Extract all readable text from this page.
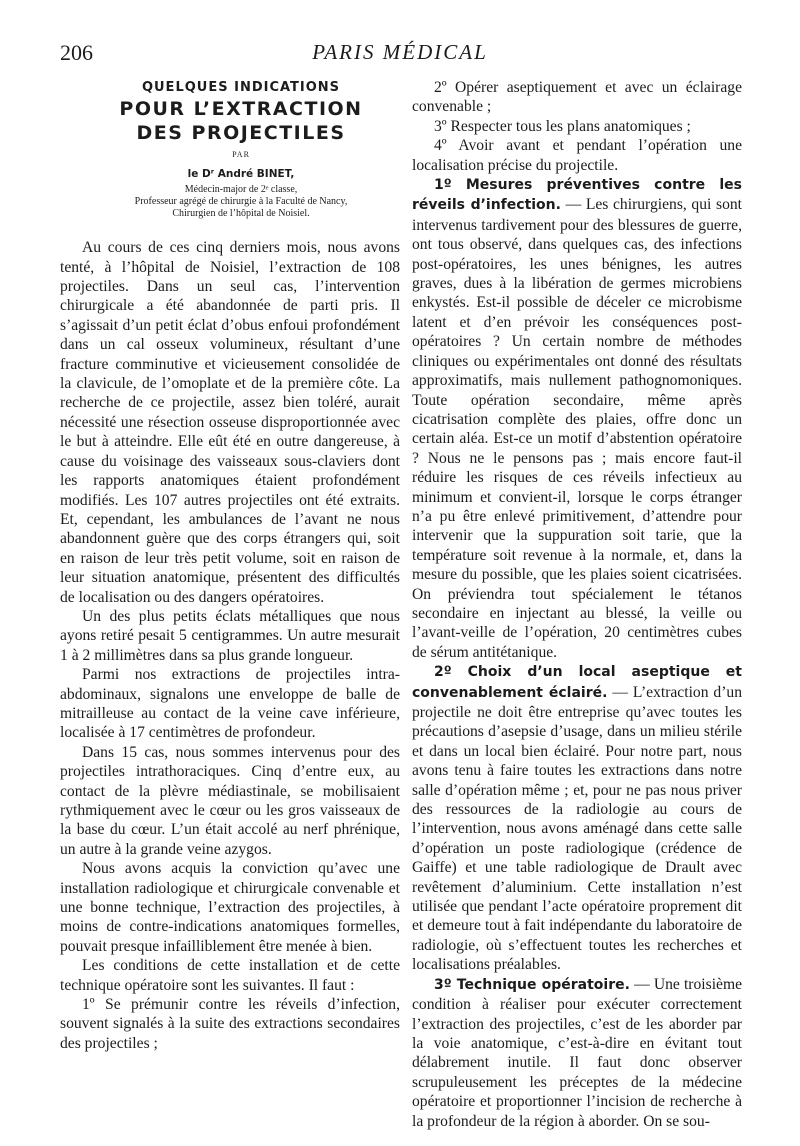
206	PARIS MÉDICAL

QUELQUES INDICATIONS

POUR L’EXTRACTION

DES PROJECTILES

PAR

le Dʳ André BINET,

Médecin-major de 2ᵉ classe,

Professeur agrégé de chirurgie à la Faculté de Nancy,

Chirurgien de l’hôpital de Noisiel.

Au cours de ces cinq derniers mois, nous avons tenté, à l’hôpital de Noisiel, l’extraction de 108 projectiles. Dans un seul cas, l’intervention chirurgicale a été abandonnée de parti pris. Il s’agissait d’un petit éclat d’obus enfoui profondément dans un cal osseux volumineux, résultant d’une fracture comminutive et vicieusement consolidée de la clavicule, de l’omoplate et de la première côte. La recherche de ce projectile, assez bien toléré, aurait nécessité une résection osseuse disproportionnée avec le but à atteindre. Elle eût été en outre dangereuse, à cause du voisinage des vaisseaux sous-claviers dont les rapports anatomiques étaient profondément modifiés. Les 107 autres projectiles ont été extraits. Et, cependant, les ambulances de l’avant ne nous abandonnent guère que des corps étrangers qui, soit en raison de leur très petit volume, soit en raison de leur situation anatomique, présentent des difficultés de localisation ou des dangers opératoires.

Un des plus petits éclats métalliques que nous ayons retiré pesait 5 centigrammes. Un autre mesurait 1 à 2 millimètres dans sa plus grande longueur.

Parmi nos extractions de projectiles intra-abdominaux, signalons une enveloppe de balle de mitrailleuse au contact de la veine cave inférieure, localisée à 17 centimètres de profondeur.

Dans 15 cas, nous sommes intervenus pour des projectiles intrathoraciques. Cinq d’entre eux, au contact de la plèvre médiastinale, se mobilisaient rythmiquement avec le cœur ou les gros vaisseaux de la base du cœur. L’un était accolé au nerf phrénique, un autre à la grande veine azygos.

Nous avons acquis la conviction qu’avec une installation radiologique et chirurgicale convenable et une bonne technique, l’extraction des projectiles, à moins de contre-indications anatomiques formelles, pouvait presque infailliblement être menée à bien.

Les conditions de cette installation et de cette technique opératoire sont les suivantes. Il faut :

1º Se prémunir contre les réveils d’infection, souvent signalés à la suite des extractions secondaires des projectiles ;

2º Opérer aseptiquement et avec un éclairage convenable ;

3º Respecter tous les plans anatomiques ;

4º Avoir avant et pendant l’opération une localisation précise du projectile.

1º Mesures préventives contre les réveils d’infection. — Les chirurgiens, qui sont intervenus tardivement pour des blessures de guerre, ont tous observé, dans quelques cas, des infections post-opératoires, les unes bénignes, les autres graves, dues à la libération de germes microbiens enkystés. Est-il possible de déceler ce microbisme latent et d’en prévoir les conséquences post-opératoires ? Un certain nombre de méthodes cliniques ou expérimentales ont donné des résultats approximatifs, mais nullement pathognomoniques. Toute opération secondaire, même après cicatrisation complète des plaies, offre donc un certain aléa. Est-ce un motif d’abstention opératoire ? Nous ne le pensons pas ; mais encore faut-il réduire les risques de ces réveils infectieux au minimum et convient-il, lorsque le corps étranger n’a pu être enlevé primitivement, d’attendre pour intervenir que la suppuration soit tarie, que la température soit revenue à la normale, et, dans la mesure du possible, que les plaies soient cicatrisées. On préviendra tout spécialement le tétanos secondaire en injectant au blessé, la veille ou l’avant-veille de l’opération, 20 centimètres cubes de sérum antitétanique.

2º Choix d’un local aseptique et convenablement éclairé. — L’extraction d’un projectile ne doit être entreprise qu’avec toutes les précautions d’asepsie d’usage, dans un milieu stérile et dans un local bien éclairé. Pour notre part, nous avons tenu à faire toutes les extractions dans notre salle d’opération même ; et, pour ne pas nous priver des ressources de la radiologie au cours de l’intervention, nous avons aménagé dans cette salle d’opération un poste radiologique (crédence de Gaiffe) et une table radiologique de Drault avec revêtement d’aluminium. Cette installation n’est utilisée que pendant l’acte opératoire proprement dit et demeure tout à fait indépendante du laboratoire de radiologie, où s’effectuent toutes les recherches et localisations préalables.

3º Technique opératoire. — Une troisième condition à réaliser pour exécuter correctement l’extraction des projectiles, c’est de les aborder par la voie anatomique, c’est-à-dire en évitant tout délabrement inutile. Il faut donc observer scrupuleusement les préceptes de la médecine opératoire et proportionner l’incision de recherche à la profondeur de la région à aborder. On se sou-
